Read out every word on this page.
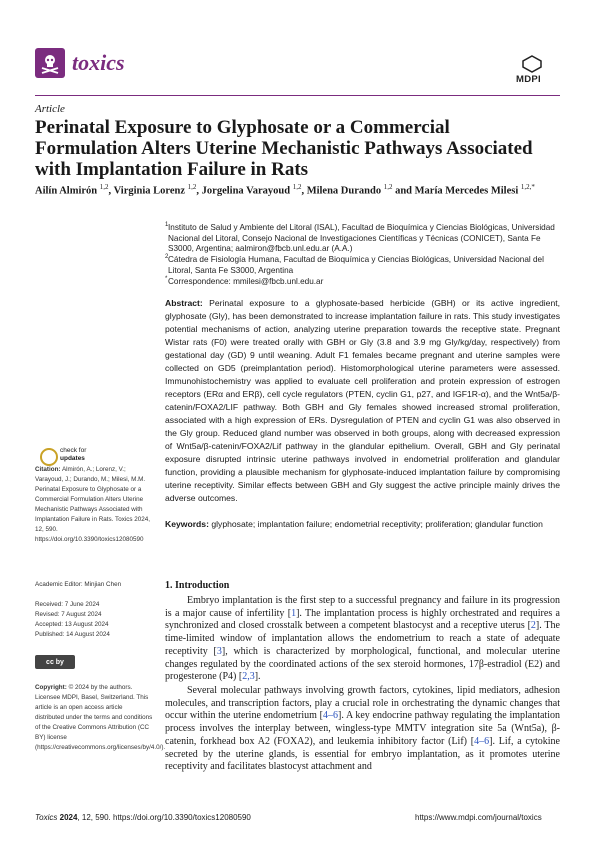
toxics
MDPI
Article
Perinatal Exposure to Glyphosate or a Commercial Formulation Alters Uterine Mechanistic Pathways Associated with Implantation Failure in Rats
Ailín Almirón $^{1,2}$, Virginia Lorenz $^{1,2}$, Jorgelina Varayoud $^{1,2}$, Milena Durando $^{1,2}$ and María Mercedes Milesi $^{1,2,*}$
1 Instituto de Salud y Ambiente del Litoral (ISAL), Facultad de Bioquímica y Ciencias Biológicas, Universidad Nacional del Litoral, Consejo Nacional de Investigaciones Científicas y Técnicas (CONICET), Santa Fe S3000, Argentina; aalmiron@fbcb.unl.edu.ar (A.A.)
2 Cátedra de Fisiología Humana, Facultad de Bioquímica y Ciencias Biológicas, Universidad Nacional del Litoral, Santa Fe S3000, Argentina
* Correspondence: mmilesi@fbcb.unl.edu.ar
Abstract: Perinatal exposure to a glyphosate-based herbicide (GBH) or its active ingredient, glyphosate (Gly), has been demonstrated to increase implantation failure in rats. This study investigates potential mechanisms of action, analyzing uterine preparation towards the receptive state. Pregnant Wistar rats (F0) were treated orally with GBH or Gly (3.8 and 3.9 mg Gly/kg/day, respectively) from gestational day (GD) 9 until weaning. Adult F1 females became pregnant and uterine samples were collected on GD5 (preimplantation period). Histomorphological uterine parameters were assessed. Immunohistochemistry was applied to evaluate cell proliferation and protein expression of estrogen receptors (ERα and ERβ), cell cycle regulators (PTEN, cyclin G1, p27, and IGF1R-α), and the Wnt5a/β-catenin/FOXA2/LIF pathway. Both GBH and Gly females showed increased stromal proliferation, associated with a high expression of ERs. Dysregulation of PTEN and cyclin G1 was also observed in the Gly group. Reduced gland number was observed in both groups, along with decreased expression of Wnt5a/β-catenin/FOXA2/Lif pathway in the glandular epithelium. Overall, GBH and Gly perinatal exposure disrupted intrinsic uterine pathways involved in endometrial proliferation and glandular function, providing a plausible mechanism for glyphosate-induced implantation failure by compromising uterine receptivity. Similar effects between GBH and Gly suggest the active principle mainly drives the adverse outcomes.
Keywords: glyphosate; implantation failure; endometrial receptivity; proliferation; glandular function
check for
updates
Citation: Almirón, A.; Lorenz, V.; Varayoud, J.; Durando, M.; Milesi, M.M. Perinatal Exposure to Glyphosate or a Commercial Formulation Alters Uterine Mechanistic Pathways Associated with Implantation Failure in Rats. Toxics 2024, 12, 590. https://doi.org/10.3390/toxics12080590
Academic Editor: Minjian Chen
Received: 7 June 2024
Revised: 7 August 2024
Accepted: 13 August 2024
Published: 14 August 2024
cc by
Copyright: © 2024 by the authors. Licensee MDPI, Basel, Switzerland. This article is an open access article distributed under the terms and conditions of the Creative Commons Attribution (CC BY) license (https://creativecommons.org/licenses/by/4.0/).
1. Introduction
Embryo implantation is the first step to a successful pregnancy and failure in its progression is a major cause of infertility [1]. The implantation process is highly orchestrated and requires a synchronized and closed crosstalk between a competent blastocyst and a receptive uterus [2]. The time-limited window of implantation allows the endometrium to reach a state of adequate receptivity [3], which is characterized by morphological, functional, and molecular uterine changes regulated by the coordinated actions of the sex steroid hormones, 17β-estradiol (E2) and progesterone (P4) [2,3].
Several molecular pathways involving growth factors, cytokines, lipid mediators, adhesion molecules, and transcription factors, play a crucial role in orchestrating the dynamic changes that occur within the uterine endometrium [4–6]. A key endocrine pathway regulating the implantation process involves the interplay between, wingless-type MMTV integration site 5a (Wnt5a), β-catenin, forkhead box A2 (FOXA2), and leukemia inhibitory factor (Lif) [4–6]. Lif, a cytokine secreted by the uterine glands, is essential for embryo implantation, as it promotes uterine receptivity and facilitates blastocyst attachment and
Toxics 2024, 12, 590. https://doi.org/10.3390/toxics12080590	https://www.mdpi.com/journal/toxics
